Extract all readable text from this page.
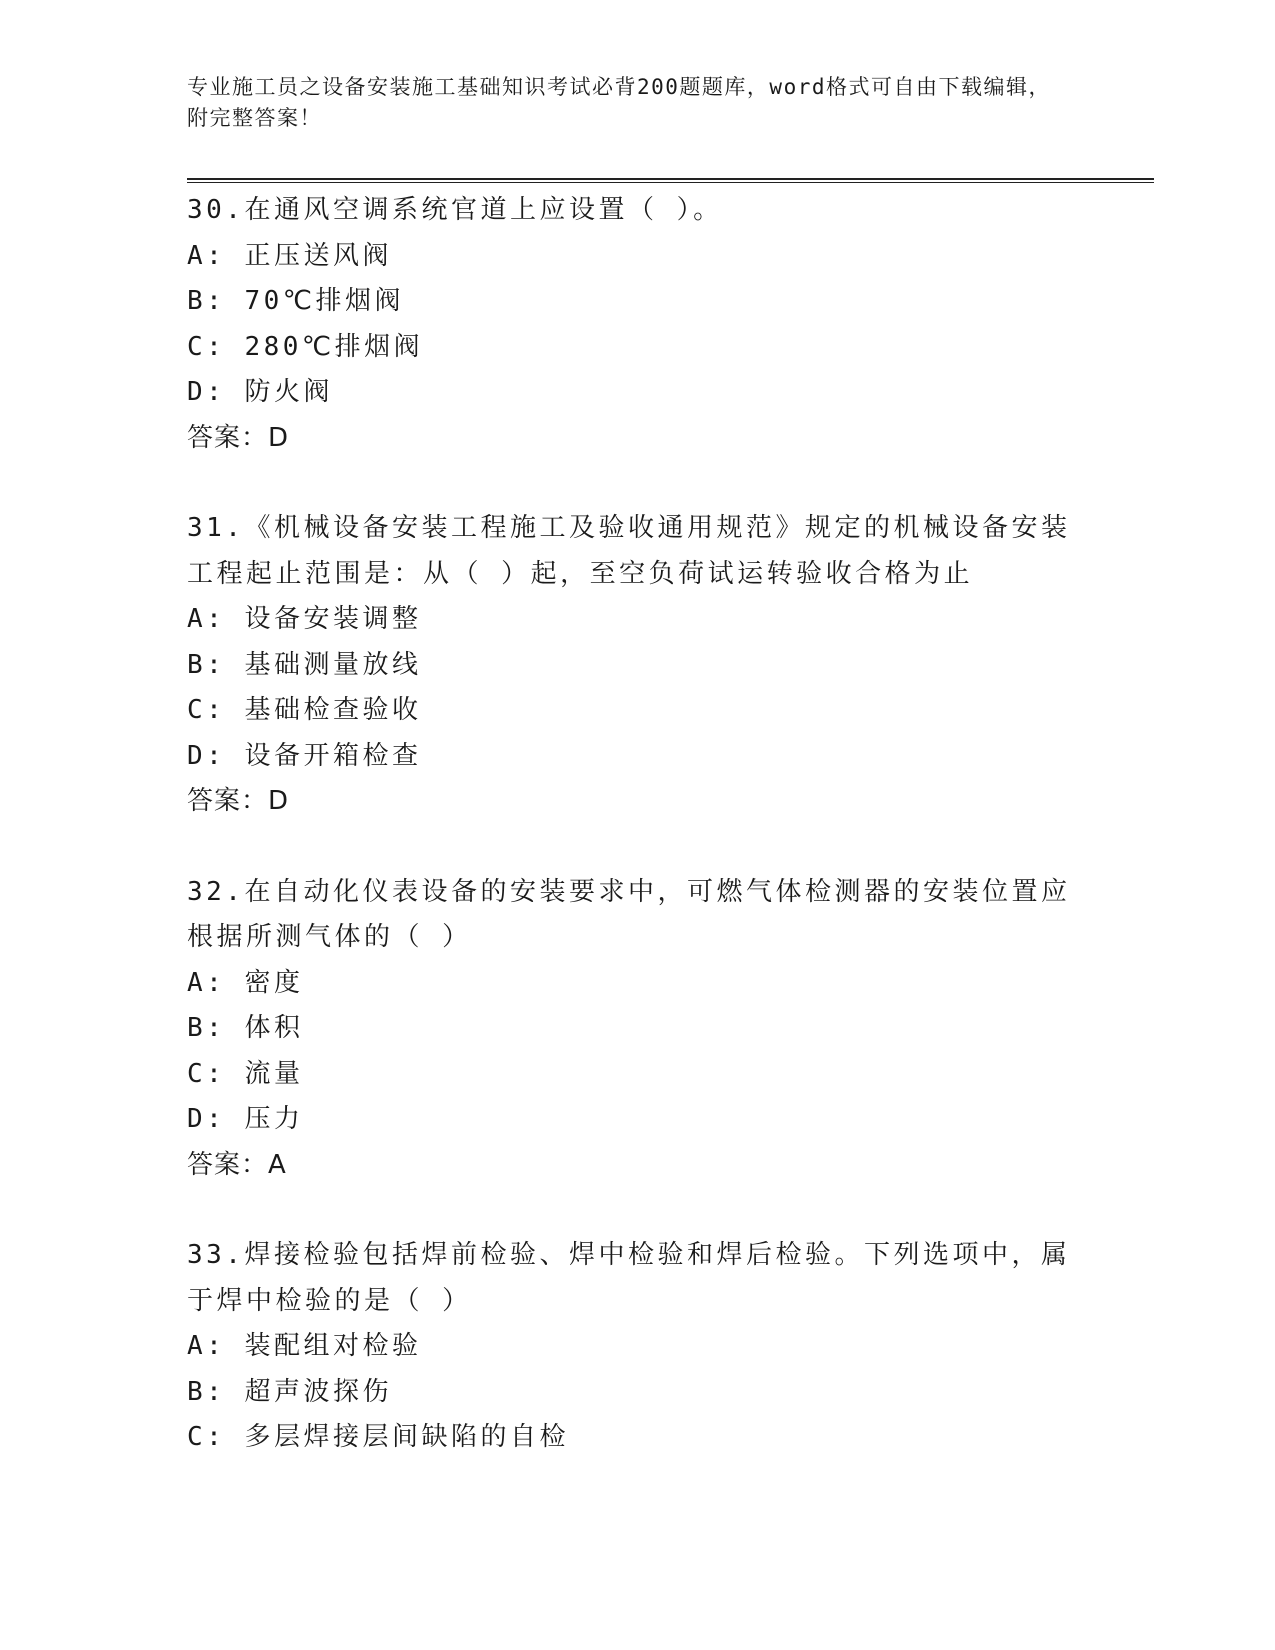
专业施工员之设备安装施工基础知识考试必背200题题库，word格式可自由下载编辑，附完整答案！
30.在通风空调系统官道上应设置（ ）。
A: 正压送风阀
B: 70℃排烟阀
C: 280℃排烟阀
D: 防火阀
答案：D
31.《机械设备安装工程施工及验收通用规范》规定的机械设备安装工程起止范围是：从（ ）起，至空负荷试运转验收合格为止
A: 设备安装调整
B: 基础测量放线
C: 基础检查验收
D: 设备开箱检查
答案：D
32.在自动化仪表设备的安装要求中，可燃气体检测器的安装位置应根据所测气体的（ ）
A: 密度
B: 体积
C: 流量
D: 压力
答案：A
33.焊接检验包括焊前检验、焊中检验和焊后检验。下列选项中，属于焊中检验的是（ ）
A: 装配组对检验
B: 超声波探伤
C: 多层焊接层间缺陷的自检
